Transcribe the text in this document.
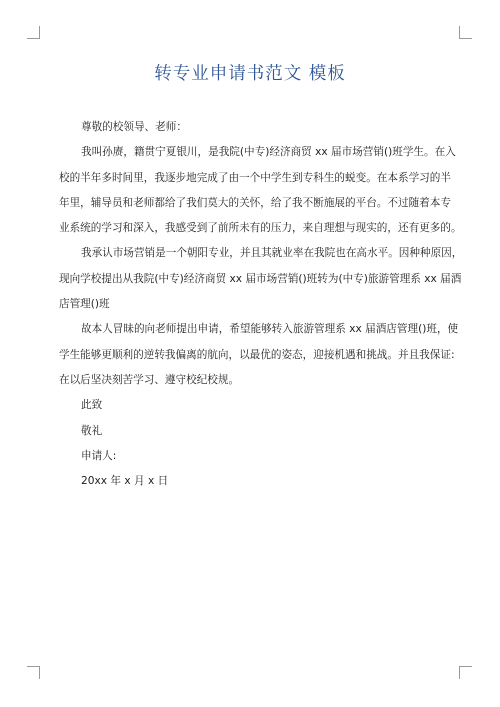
转专业申请书范文 模板
尊敬的校领导、老师：
我叫孙赓，籍贯宁夏银川，是我院(中专)经济商贸 xx 届市场营销()班学生。在入
校的半年多时间里，我逐步地完成了由一个中学生到专科生的蜕变。在本系学习的半
年里，辅导员和老师都给了我们莫大的关怀，给了我不断施展的平台。不过随着本专
业系统的学习和深入，我感受到了前所未有的压力，来自理想与现实的，还有更多的。
我承认市场营销是一个朝阳专业，并且其就业率在我院也在高水平。因种种原因，
现向学校提出从我院(中专)经济商贸 xx 届市场营销()班转为(中专)旅游管理系 xx 届酒
店管理()班
故本人冒昧的向老师提出申请，希望能够转入旅游管理系 xx 届酒店管理()班，使
学生能够更顺利的逆转我偏离的航向，以最优的姿态，迎接机遇和挑战。并且我保证:
在以后坚决刻苦学习、遵守校纪校规。
此致
敬礼
申请人:
20xx 年 x 月 x 日
